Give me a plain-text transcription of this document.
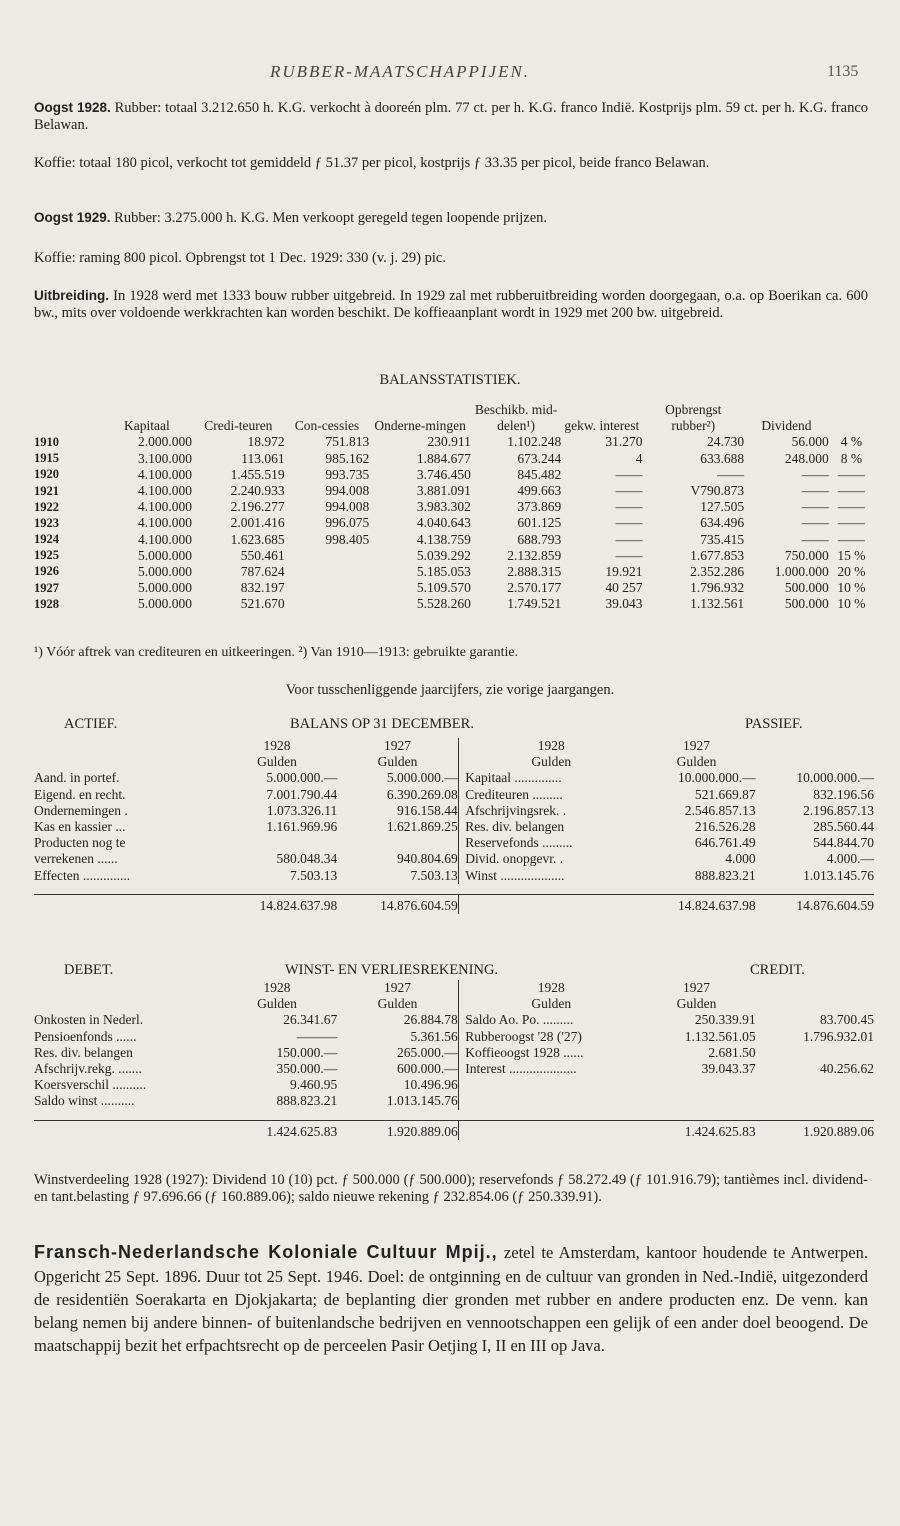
RUBBER-MAATSCHAPPIJEN.	1135
Oogst 1928. Rubber: totaal 3.212.650 h. K.G. verkocht à dooreén plm. 77 ct. per h. K.G. franco Indië. Kostprijs plm. 59 ct. per h. K.G. franco Belawan.
Koffie: totaal 180 picol, verkocht tot gemiddeld ƒ 51.37 per picol, kostprijs ƒ 33.35 per picol, beide franco Belawan.
Oogst 1929. Rubber: 3.275.000 h. K.G. Men verkoopt geregeld tegen loopende prijzen.
Koffie: raming 800 picol. Opbrengst tot 1 Dec. 1929: 330 (v. j. 29) pic.
Uitbreiding. In 1928 werd met 1333 bouw rubber uitgebreid. In 1929 zal met rubberuitbreiding worden doorgegaan, o.a. op Boerikan ca. 600 bw., mits over voldoende werkkrachten kan worden beschikt. De koffieaanplant wordt in 1929 met 200 bw. uitgebreid.
BALANSSTATISTIEK.
	Kapitaal	Credi-teuren	Con-cessies	Onderne-mingen	Beschikb. mid-delen¹)	gekw. interest	Opbrengst rubber²)	Dividend	
1910	2.000.000	18.972	751.813	230.911	1.102.248	31.270	24.730	56.000	4 %
1915	3.100.000	113.061	985.162	1.884.677	673.244	4	633.688	248.000	8 %
1920	4.100.000	1.455.519	993.735	3.746.450	845.482	——	——	——	——
1921	4.100.000	2.240.933	994.008	3.881.091	499.663	——	V790.873	——	——
1922	4.100.000	2.196.277	994.008	3.983.302	373.869	——	127.505	——	——
1923	4.100.000	2.001.416	996.075	4.040.643	601.125	——	634.496	——	——
1924	4.100.000	1.623.685	998.405	4.138.759	688.793	——	735.415	——	——
1925	5.000.000	550.461		5.039.292	2.132.859	——	1.677.853	750.000	15 %
1926	5.000.000	787.624		5.185.053	2.888.315	19.921	2.352.286	1.000.000	20 %
1927	5.000.000	832.197		5.109.570	2.570.177	40 257	1.796.932	500.000	10 %
1928	5.000.000	521.670		5.528.260	1.749.521	39.043	1.132.561	500.000	10 %
¹) Vóór aftrek van crediteuren en uitkeeringen. ²) Van 1910—1913: gebruikte garantie.
Voor tusschenliggende jaarcijfers, zie vorige jaargangen.
ACTIEF.	BALANS OP 31 DECEMBER.	PASSIEF.
	1928	1927		1928	1927	
	Gulden	Gulden		Gulden	Gulden	
Aand. in portef.	5.000.000.—	5.000.000.—		Kapitaal ..............	10.000.000.—	10.000.000.—
Eigend. en recht.	7.001.790.44	6.390.269.08		Crediteuren .........	521.669.87	832.196.56
Ondernemingen .	1.073.326.11	916.158.44		Afschrijvingsrek. .	2.546.857.13	2.196.857.13
Kas en kassier ...	1.161.969.96	1.621.869.25		Res. div. belangen	216.526.28	285.560.44
Producten nog te				Reservefonds .........	646.761.49	544.844.70
verrekenen ......	580.048.34	940.804.69		Divid. onopgevr. .	4.000	4.000.—
Effecten ..............	7.503.13	7.503.13		Winst ...................	888.823.21	1.013.145.76

	14.824.637.98	14.876.604.59			14.824.637.98	14.876.604.59
DEBET.	WINST- EN VERLIESREKENING.	CREDIT.
	1928	1927		1928	1927	
	Gulden	Gulden		Gulden	Gulden	
Onkosten in Nederl.	26.341.67	26.884.78		Saldo Ao. Po. .........	250.339.91	83.700.45
Pensioenfonds ......	———	5.361.56		Rubberoogst '28 ('27)	1.132.561.05	1.796.932.01
Res. div. belangen	150.000.—	265.000.—		Koffieoogst 1928 ......	2.681.50	
Afschrijv.rekg. .......	350.000.—	600.000.—		Interest ....................	39.043.37	40.256.62
Koersverschil ..........	9.460.95	10.496.96				
Saldo winst ..........	888.823.21	1.013.145.76				

	1.424.625.83	1.920.889.06			1.424.625.83	1.920.889.06
Winstverdeeling 1928 (1927): Dividend 10 (10) pct. ƒ 500.000 (ƒ 500.000); reservefonds ƒ 58.272.49 (ƒ 101.916.79); tantièmes incl. dividend- en tant.belasting ƒ 97.696.66 (ƒ 160.889.06); saldo nieuwe rekening ƒ 232.854.06 (ƒ 250.339.91).
Fransch-Nederlandsche Koloniale Cultuur Mpij., zetel te Amsterdam, kantoor houdende te Antwerpen. Opgericht 25 Sept. 1896. Duur tot 25 Sept. 1946. Doel: de ontginning en de cultuur van gronden in Ned.-Indië, uitgezonderd de residentiën Soerakarta en Djokjakarta; de beplanting dier gronden met rubber en andere producten enz. De venn. kan belang nemen bij andere binnen- of buitenlandsche bedrijven en vennootschappen een gelijk of een ander doel beoogend. De maatschappij bezit het erfpachtsrecht op de perceelen Pasir Oetjing I, II en III op Java.
